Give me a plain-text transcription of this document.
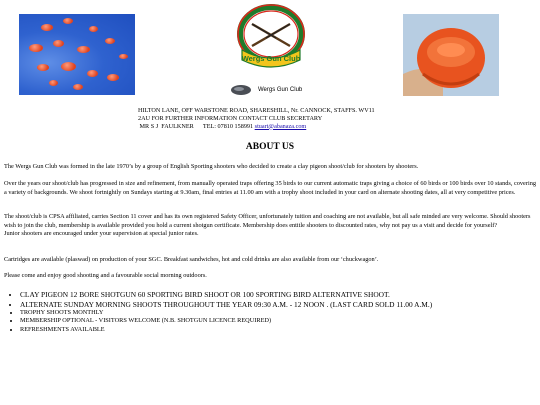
Wergs Gun Club
Wergs Gun Club
HILTON LANE, OFF WARSTONE ROAD, SHARESHILL, Nr. CANNOCK, STAFFS. WV11
2AU FOR FURTHER INFORMATION CONTACT CLUB SECRETARY
MR S J  FAULKNER      TEL: 07810 158991 stuart@abanaza.com
ABOUT US
The Wergs Gun Club was formed in the late 1970’s by a group of English Sporting shooters who decided to create a clay pigeon shoot/club for shooters by shooters.
Over the years our shoot/club has progressed in size and refinement, from manually operated traps offering 35 birds to our current automatic traps giving a choice of 60 birds or 100 birds over 10 stands, covering a variety of backgrounds. We shoot fortnightly on Sundays starting at 9.30am, final entries at 11.00 am with a trophy shoot included in your card on alternate shooting dates, all at very competitive prices.
The shoot/club is CPSA affiliated, carries Section 11 cover and has its own registered Safety Officer, unfortunately tuition and coaching are not available, but all safe minded are very welcome. Should shooters wish to join the club, membership is available provided you hold a current shotgun certificate. Membership does entitle shooters to discounted rates, why not pay us a visit and decide for yourself?
Junior shooters are encouraged under your supervision at special junior rates.
Cartridges are available (plaswad) on production of your SGC. Breakfast sandwiches, hot and cold drinks are also available from our ‘chuckwagon’.
Please come and enjoy good shooting and a favourable social morning outdoors.
• CLAY PIGEON 12 BORE SHOTGUN 60 SPORTING BIRD SHOOT OR 100 SPORTING BIRD ALTERNATIVE SHOOT.
• ALTERNATE SUNDAY MORNING SHOOTS THROUGHOUT THE YEAR 09:30 A.M. - 12 NOON . (LAST CARD SOLD 11.00 A.M.)
• TROPHY SHOOTS MONTHLY
• MEMBERSHIP OPTIONAL - VISITORS WELCOME (N.B. SHOTGUN LICENCE REQUIRED)
• REFRESHMENTS AVAILABLE
